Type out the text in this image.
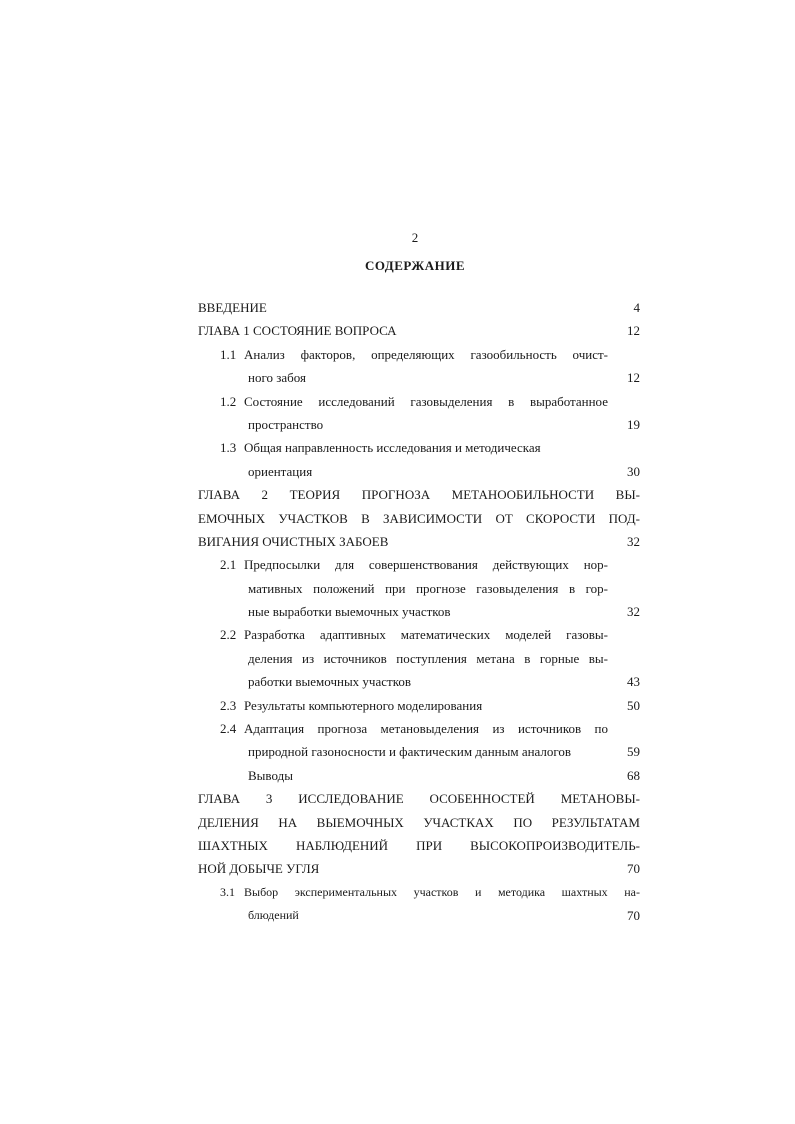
2
СОДЕРЖАНИЕ
ВВЕДЕНИЕ	4
ГЛАВА 1 СОСТОЯНИЕ ВОПРОСА	12
1.1 Анализ факторов, определяющих газообильность очист-
ного забоя	12
1.2 Состояние исследований газовыделения в выработанное
пространство	19
1.3 Общая направленность исследования и методическая
ориентация	30
ГЛАВА 2 ТЕОРИЯ ПРОГНОЗА МЕТАНООБИЛЬНОСТИ ВЫ-
ЕМОЧНЫХ УЧАСТКОВ В ЗАВИСИМОСТИ ОТ СКОРОСТИ ПОД-
ВИГАНИЯ ОЧИСТНЫХ ЗАБОЕВ	32
2.1 Предпосылки для совершенствования действующих нор-
мативных положений при прогнозе газовыделения в гор-
ные выработки выемочных участков	32
2.2 Разработка адаптивных математических моделей газовы-
деления из источников поступления метана в горные вы-
работки выемочных участков	43
2.3 Результаты компьютерного моделирования	50
2.4 Адаптация прогноза метановыделения из источников по
природной газоносности и фактическим данным аналогов	59
Выводы	68
ГЛАВА 3 ИССЛЕДОВАНИЕ ОСОБЕННОСТЕЙ МЕТАНОВЫ-
ДЕЛЕНИЯ НА ВЫЕМОЧНЫХ УЧАСТКАХ ПО РЕЗУЛЬТАТАМ
ШАХТНЫХ НАБЛЮДЕНИЙ ПРИ ВЫСОКОПРОИЗВОДИТЕЛЬ-
НОЙ ДОБЫЧЕ УГЛЯ	70
3.1 Выбор экспериментальных участков и методика шахтных на-
блюдений	70
